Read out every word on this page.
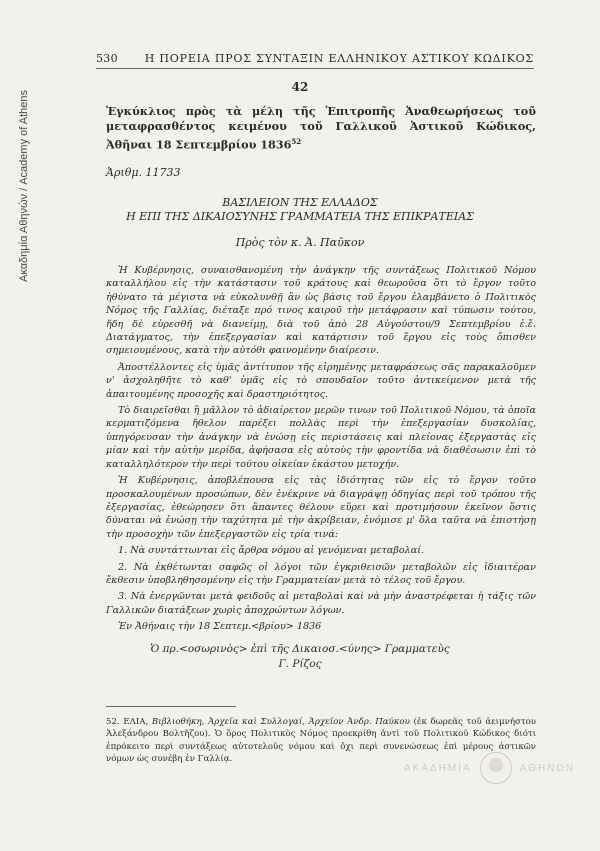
Ακαδημία Αθηνών / Academy of Athens
530 Η ΠΟΡΕΙΑ ΠΡΟΣ ΣΥΝΤΑΞΙΝ ΕΛΛΗΝΙΚΟΥ ΑΣΤΙΚΟΥ ΚΩΔΙΚΟΣ
42
Ἐγκύκλιος πρὸς τὰ μέλη τῆς Ἐπιτροπῆς Ἀναθεωρήσεως τοῦ μεταφρασθέντος κειμένου τοῦ Γαλλικοῦ Ἀστικοῦ Κώδικος, Ἀθῆναι 18 Σεπτεμβρίου 1836$^{52}$
Ἀριθμ. 11733
ΒΑΣΙΛΕΙΟΝ ΤΗΣ ΕΛΛΑΔΟΣ
Η ΕΠΙ ΤΗΣ ΔΙΚΑΙΟΣΥΝΗΣ ΓΡΑΜΜΑΤΕΙΑ ΤΗΣ ΕΠΙΚΡΑΤΕΙΑΣ
Πρὸς τὸν κ. Ἀ. Παῦκον

Ἡ Κυβέρνησις, συναισθανομένη τὴν ἀνάγκην τῆς συντάξεως Πολιτικοῦ Νόμου καταλλήλου εἰς τὴν κατάστασιν τοῦ κράτους καὶ θεωροῦσα ὅτι τὸ ἔργον τοῦτο ἠθύνατο τὰ μέγιστα νὰ εὐκολυνθῇ ἂν ὡς βάσις τοῦ ἔργου ἐλαμβάνετο ὁ Πολιτικὸς Νόμος τῆς Γαλλίας, διέταξε πρό τινος καιροῦ τὴν μετάφρασιν καὶ τύπωσιν τούτου, ἤδη δὲ εὑρεσθῆ νὰ διανείμῃ, διὰ τοῦ ἀπὸ 28 Αὐγούστου/9 Σεπτεμβρίου ἐ.ἔ. Διατάγματος, τὴν ἐπεξεργασίαν καὶ κατάρτισιν τοῦ ἔργου εἰς τοὺς ὄπισθεν σημειουμένους, κατὰ τὴν αὐτόθι φαινομένην διαίρεσιν.

Ἀποστέλλοντες εἰς ὑμᾶς ἀντίτυπον τῆς εἰρημένης μεταφράσεως σᾶς παρακαλοῦμεν ν' ἀσχοληθῆτε τὸ καθ' ὑμᾶς εἰς τὸ σπουδαῖον τοῦτο ἀντικείμενον μετὰ τῆς ἀπαιτουμένης προσοχῆς καὶ δραστηριότητος.

Τὸ διαιρεῖσθαι ἢ μᾶλλον τὸ ἀδιαίρετον μερῶν τινων τοῦ Πολιτικοῦ Νόμου, τὰ ὁποῖα κερματιζόμενα ἤθελον παρέξει πολλὰς περὶ τὴν ἐπεξεργασίαν δυσκολίας, ὑπηγόρευσαν τὴν ἀνάγκην νὰ ἑνώσῃ εἰς περιστάσεις καὶ πλείονας ἐξεργαστὰς εἰς μίαν καὶ τὴν αὐτὴν μερίδα, ἀφήσασα εἰς αὐτοὺς τὴν φροντίδα νὰ διαθέσωσιν ἐπὶ τὸ καταλληλότερον τὴν περὶ τούτου οἰκείαν ἑκάστου μετοχήν.

Ἡ Κυβέρνησις, ἀποβλέπουσα εἰς τὰς ἰδιότητας τῶν εἰς τὸ ἔργον τοῦτο προσκαλουμένων προσώπων, δὲν ἐνέκρινε νὰ διαγράψῃ ὁδηγίας περὶ τοῦ τρόπου τῆς ἐξεργασίας, ἐθεώρησεν ὅτι ἅπαντες θέλουν εὕρει καὶ προτιμήσουν ἐκεῖνον ὅστις δύναται νὰ ἑνώσῃ τὴν ταχύτητα μὲ τὴν ἀκρίβειαν, ἐνόμισε μ' ὅλα ταῦτα νὰ ἐπιστήσῃ τὴν προσοχὴν τῶν ἐπεξεργαστῶν εἰς τρία τινά:

1. Νὰ συντάττωνται εἰς ἄρθρα νόμου αἱ γενόμεναι μεταβολαί.

2. Νὰ ἐκθέτωνται σαφῶς οἱ λόγοι τῶν ἐγκριθεισῶν μεταβολῶν εἰς ἰδιαιτέραν ἔκθεσιν ὑποβληθησομένην εἰς τὴν Γραμματείαν μετὰ τὸ τέλος τοῦ ἔργου.

3. Νὰ ἐνεργῶνται μετὰ φειδοῦς αἱ μεταβολαὶ καὶ νὰ μὴν ἀναστρέφεται ἡ τάξις τῶν Γαλλικῶν διατάξεων χωρὶς ἀποχρώντων λόγων.

Ἐν Ἀθήναις τὴν 18 Σεπτεμ.<βρίου> 1836

Ὁ πρ.<οσωρινὸς> ἐπὶ τῆς Δικαιοσ.<ύνης> Γραμματεὺς
Γ. Ρίζος
52. ΕΛΙΑ, Βιβλιοθήκη, Ἀρχεῖα καὶ Συλλογαί, Ἀρχεῖον Ἀνδρ. Παύκου (ἐκ δωρεᾶς τοῦ ἀειμνήστου Ἀλεξάνδρου Βολτῆζου). Ὁ ὅρος Πολιτικὸς Νόμος προεκρίθη ἀντὶ τοῦ Πολιτικοῦ Κώδικος διότι ἐπρόκειτο περὶ συντάξεως αὐτοτελοῦς νόμου καὶ ὄχι περὶ συνενώσεως ἐπὶ μέρους ἀστικῶν νόμων ὡς συνέβη ἐν Γαλλίᾳ.
ΑΚΑΔΗΜΙΑ	ΑΘΗΝΩΝ
